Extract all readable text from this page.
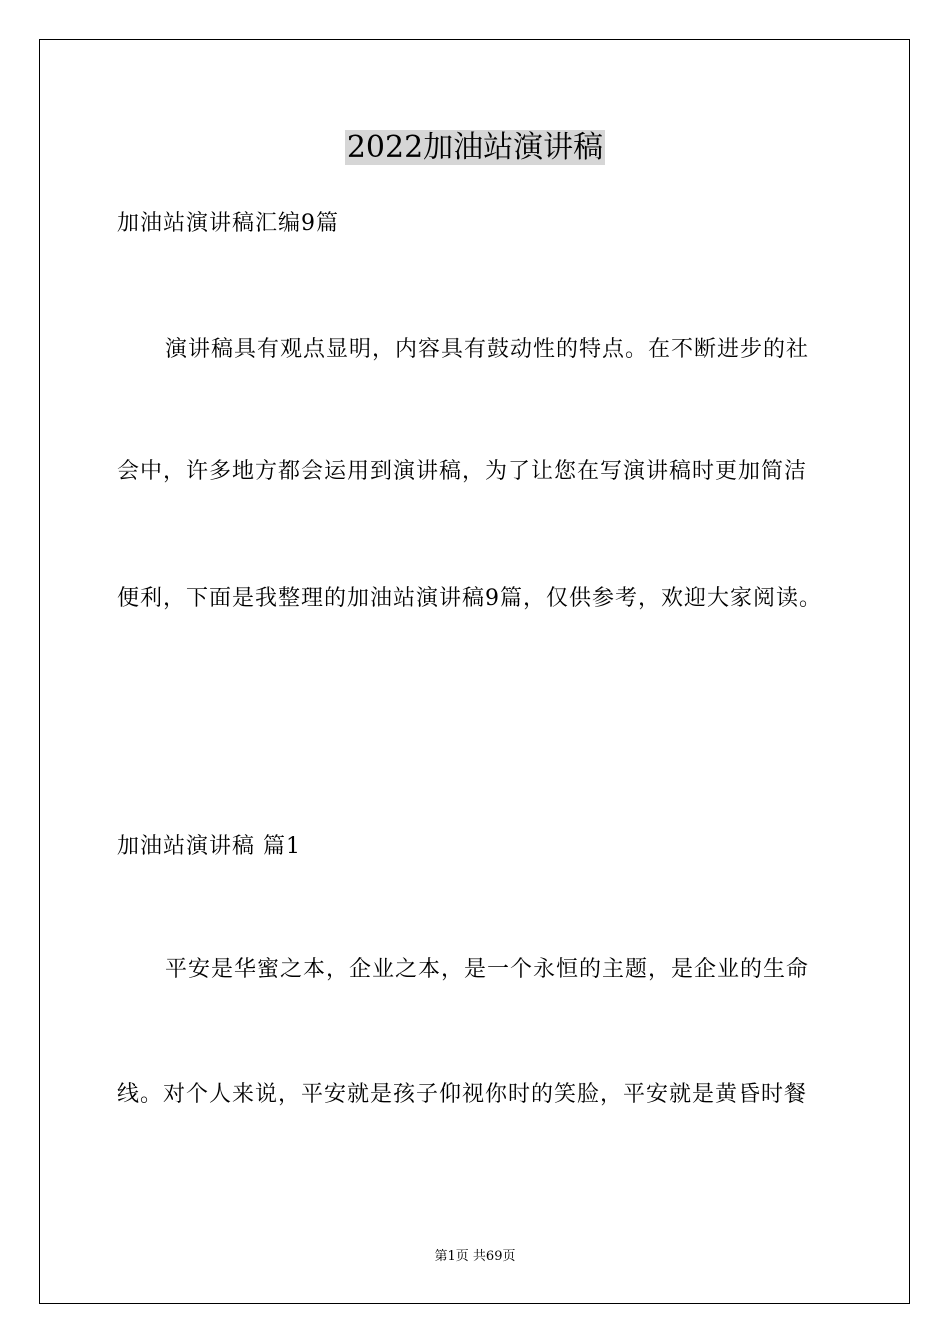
2022加油站演讲稿
加油站演讲稿汇编9篇
演讲稿具有观点显明，内容具有鼓动性的特点。在不断进步的社
会中，许多地方都会运用到演讲稿，为了让您在写演讲稿时更加简洁
便利，下面是我整理的加油站演讲稿9篇，仅供参考，欢迎大家阅读。
加油站演讲稿 篇1
平安是华蜜之本，企业之本，是一个永恒的主题，是企业的生命
线。对个人来说，平安就是孩子仰视你时的笑脸，平安就是黄昏时餐
第1页 共69页
